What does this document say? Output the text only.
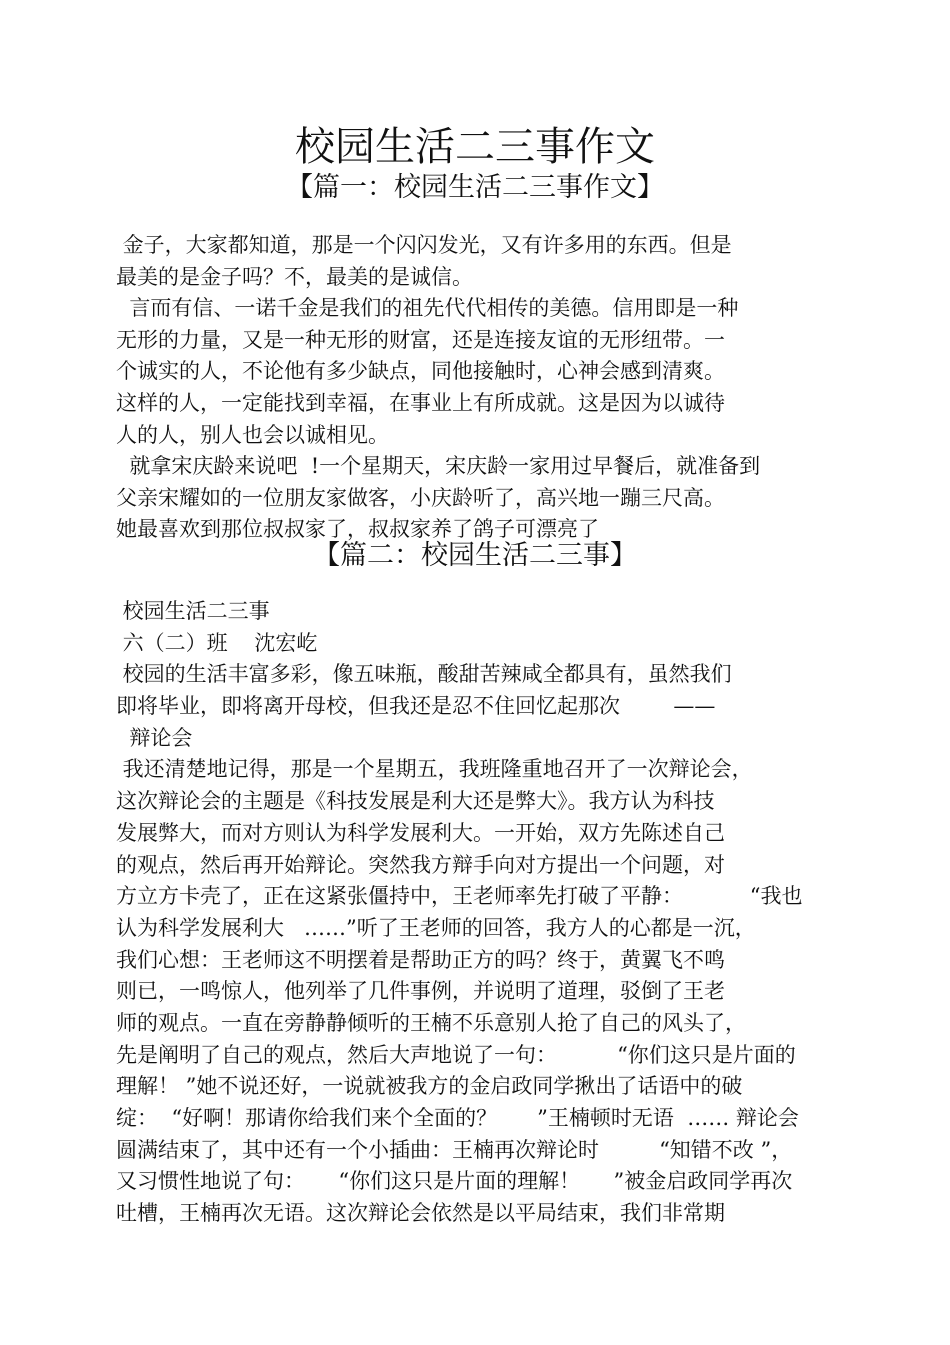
校园生活二三事作文
【篇一：校园生活二三事作文】
金子，大家都知道，那是一个闪闪发光，又有许多用的东西。但是
最美的是金子吗？不，最美的是诚信。
言而有信、一诺千金是我们的祖先代代相传的美德。信用即是一种
无形的力量，又是一种无形的财富，还是连接友谊的无形纽带。一
个诚实的人，不论他有多少缺点，同他接触时，心神会感到清爽。
这样的人，一定能找到幸福，在事业上有所成就。这是因为以诚待
人的人，别人也会以诚相见。
就拿宋庆龄来说吧  !一个星期天，宋庆龄一家用过早餐后，就准备到
父亲宋耀如的一位朋友家做客，小庆龄听了，高兴地一蹦三尺高。
她最喜欢到那位叔叔家了，叔叔家养了鸽子可漂亮了
【篇二：校园生活二三事】
校园生活二三事
六（二）班    沈宏屹
校园的生活丰富多彩，像五味瓶，酸甜苦辣咸全都具有，虽然我们
即将毕业，即将离开母校，但我还是忍不住回忆起那次        ——
辩论会
我还清楚地记得，那是一个星期五，我班隆重地召开了一次辩论会，
这次辩论会的主题是《科技发展是利大还是弊大》。我方认为科技
发展弊大，而对方则认为科学发展利大。一开始，双方先陈述自己
的观点，然后再开始辩论。突然我方辩手向对方提出一个问题，对
方立方卡壳了，正在这紧张僵持中，王老师率先打破了平静：          “我也
认为科学发展利大   ……”听了王老师的回答，我方人的心都是一沉，
我们心想：王老师这不明摆着是帮助正方的吗？终于，黄翼飞不鸣
则已，一鸣惊人，他列举了几件事例，并说明了道理，驳倒了王老
师的观点。一直在旁静静倾听的王楠不乐意别人抢了自己的风头了，
先是阐明了自己的观点，然后大声地说了一句：         “你们这只是片面的
理解！ ”她不说还好，一说就被我方的金启政同学揪出了话语中的破
绽：  “好啊！那请你给我们来个全面的？      ”王楠顿时无语  …… 辩论会
圆满结束了，其中还有一个小插曲：王楠再次辩论时         “知错不改 ”，
又习惯性地说了句：     “你们这只是片面的理解！     ”被金启政同学再次
吐槽，王楠再次无语。这次辩论会依然是以平局结束，我们非常期
